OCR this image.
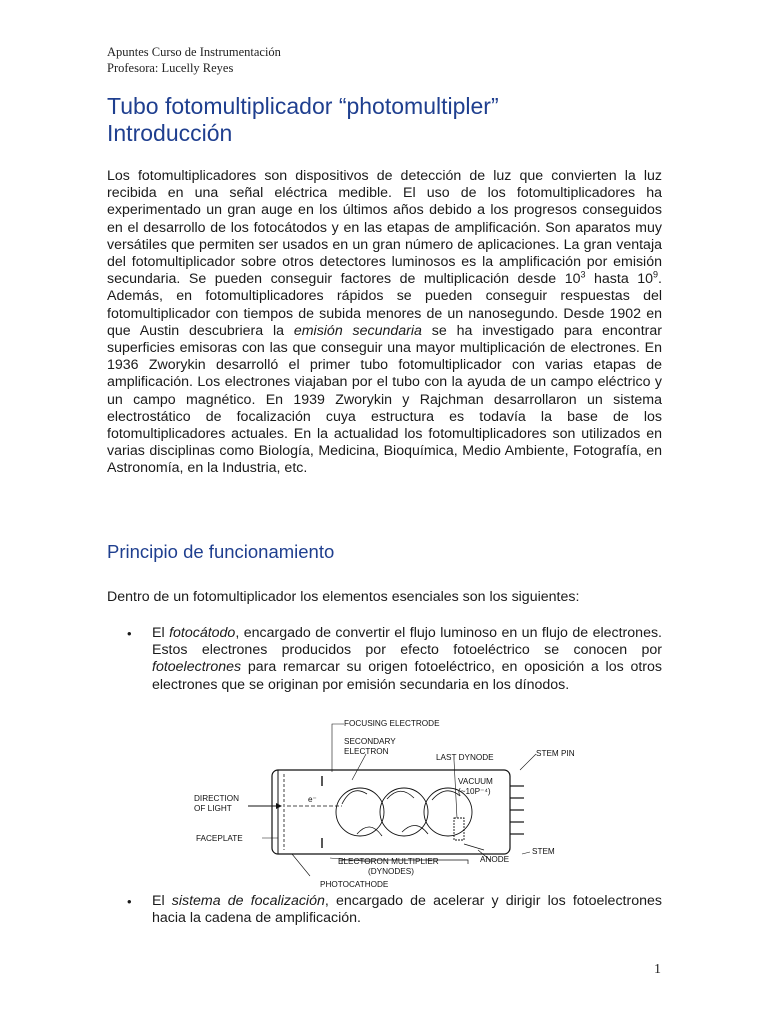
Apuntes Curso de Instrumentación
Profesora: Lucelly Reyes
Tubo fotomultiplicador “photomultipler”
Introducción

Los fotomultiplicadores son dispositivos de detección de luz que convierten la luz recibida en una señal eléctrica medible. El uso de los fotomultiplicadores ha experimentado un gran auge en los últimos años debido a los progresos conseguidos en el desarrollo de los fotocátodos y en las etapas de amplificación. Son aparatos muy versátiles que permiten ser usados en un gran número de aplicaciones. La gran ventaja del fotomultiplicador sobre otros detectores luminosos es la amplificación por emisión secundaria. Se pueden conseguir factores de multiplicación desde $10^3$ hasta $10^9$. Además, en fotomultiplicadores rápidos se pueden conseguir respuestas del fotomultiplicador con tiempos de subida menores de un nanosegundo. Desde 1902 en que Austin descubriera la emisión secundaria se ha investigado para encontrar superficies emisoras con las que conseguir una mayor multiplicación de electrones. En 1936 Zworykin desarrolló el primer tubo fotomultiplicador con varias etapas de amplificación. Los electrones viajaban por el tubo con la ayuda de un campo eléctrico y un campo magnético. En 1939 Zworykin y Rajchman desarrollaron un sistema electrostático de focalización cuya estructura es todavía la base de los fotomultiplicadores actuales. En la actualidad los fotomultiplicadores son utilizados en varias disciplinas como Biología, Medicina, Bioquímica, Medio Ambiente, Fotografía, en Astronomía, en la Industria, etc.

Principio de funcionamiento

Dentro de un fotomultiplicador los elementos esenciales son los siguientes:

• El fotocátodo, encargado de convertir el flujo luminoso en un flujo de electrones. Estos electrones producidos por efecto fotoeléctrico se conocen por fotoelectrones para remarcar su origen fotoeléctrico, en oposición a los otros electrones que se originan por emisión secundaria en los dínodos.
FOCUSING ELECTRODE
SECONDARY
ELECTRON
LAST DYNODE	STEM PIN
VACUUM
(~10P⁻⁴)
DIRECTION
OF LIGHT
e⁻
FACEPLATE
STEM
ELECTORON MULTIPLIER
(DYNODES)
ANODE
PHOTOCATHODE
• El sistema de focalización, encargado de acelerar y dirigir los fotoelectrones hacia la cadena de amplificación.
1
